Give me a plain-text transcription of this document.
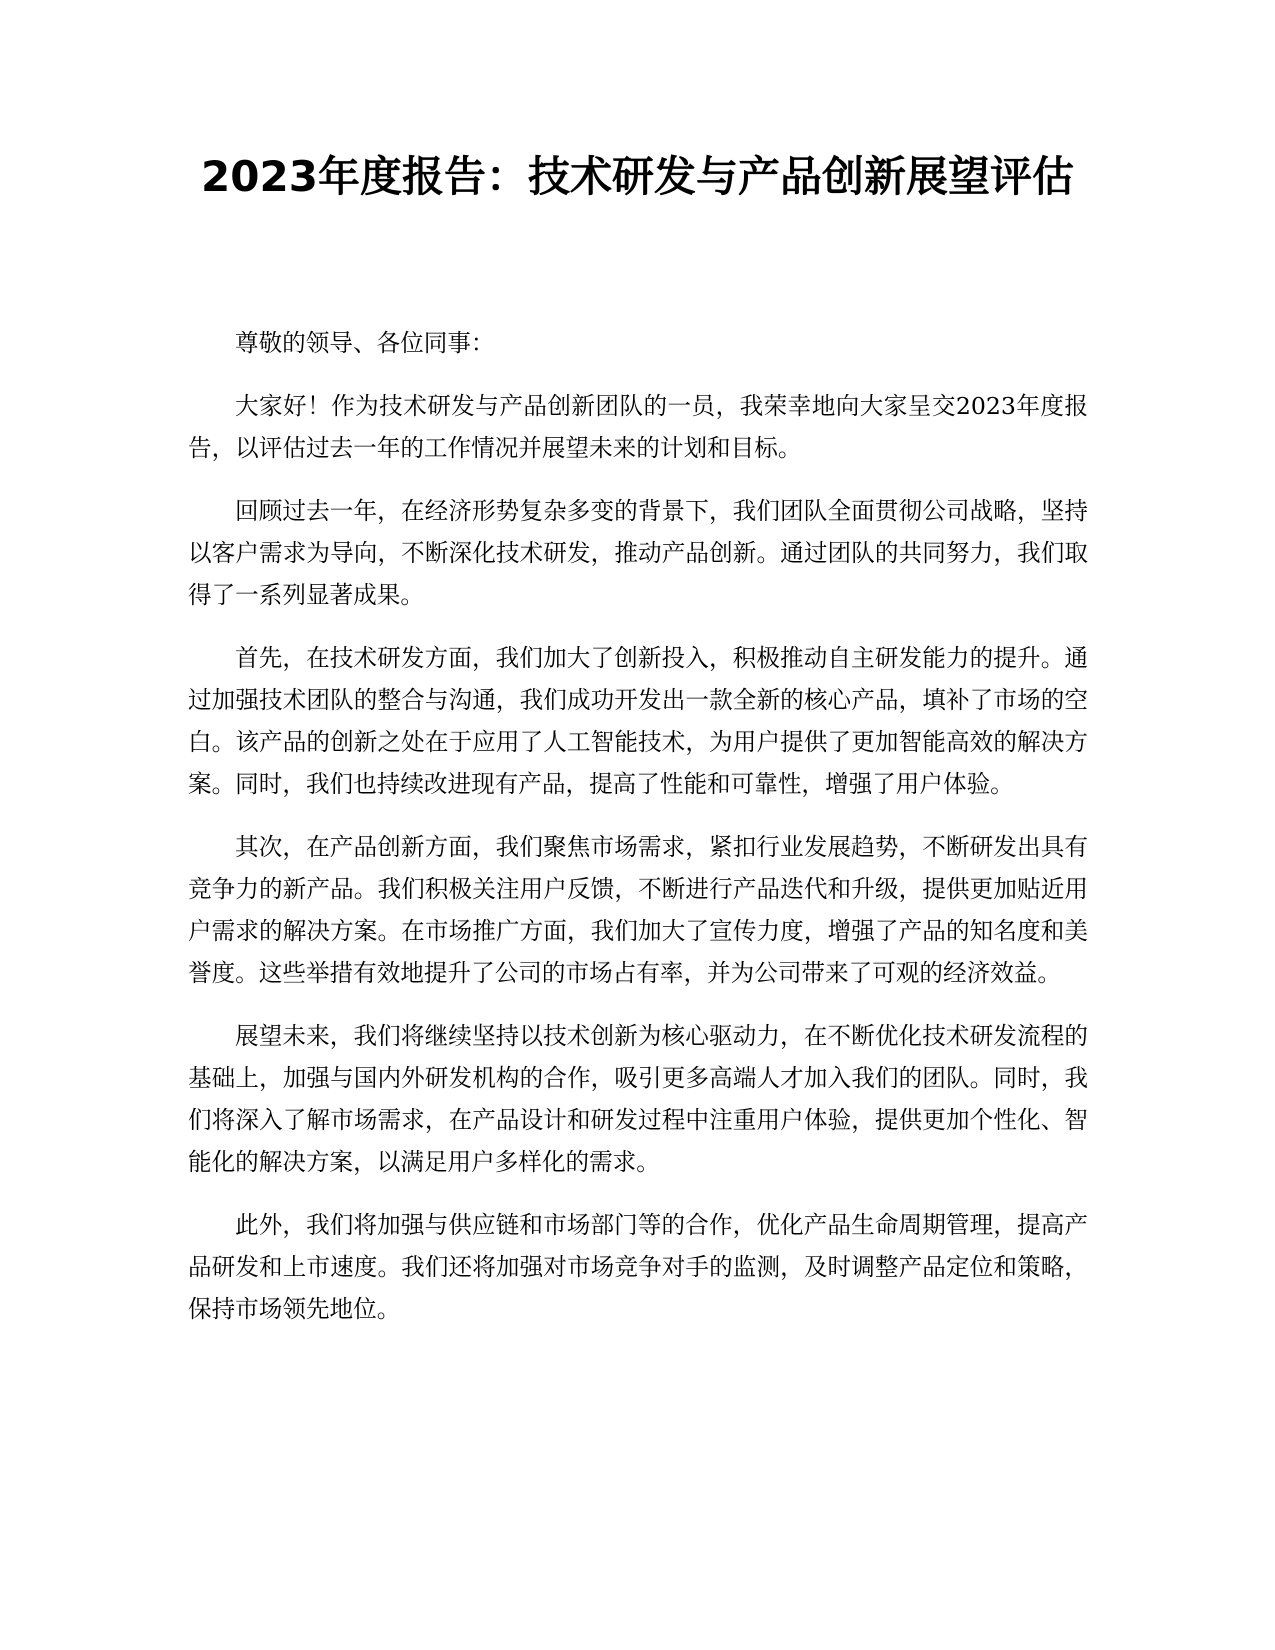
2023年度报告：技术研发与产品创新展望评估

尊敬的领导、各位同事：

大家好！作为技术研发与产品创新团队的一员，我荣幸地向大家呈交2023年度报告，以评估过去一年的工作情况并展望未来的计划和目标。

回顾过去一年，在经济形势复杂多变的背景下，我们团队全面贯彻公司战略，坚持以客户需求为导向，不断深化技术研发，推动产品创新。通过团队的共同努力，我们取得了一系列显著成果。

首先，在技术研发方面，我们加大了创新投入，积极推动自主研发能力的提升。通过加强技术团队的整合与沟通，我们成功开发出一款全新的核心产品，填补了市场的空白。该产品的创新之处在于应用了人工智能技术，为用户提供了更加智能高效的解决方案。同时，我们也持续改进现有产品，提高了性能和可靠性，增强了用户体验。

其次，在产品创新方面，我们聚焦市场需求，紧扣行业发展趋势，不断研发出具有竞争力的新产品。我们积极关注用户反馈，不断进行产品迭代和升级，提供更加贴近用户需求的解决方案。在市场推广方面，我们加大了宣传力度，增强了产品的知名度和美誉度。这些举措有效地提升了公司的市场占有率，并为公司带来了可观的经济效益。

展望未来，我们将继续坚持以技术创新为核心驱动力，在不断优化技术研发流程的基础上，加强与国内外研发机构的合作，吸引更多高端人才加入我们的团队。同时，我们将深入了解市场需求，在产品设计和研发过程中注重用户体验，提供更加个性化、智能化的解决方案，以满足用户多样化的需求。

此外，我们将加强与供应链和市场部门等的合作，优化产品生命周期管理，提高产品研发和上市速度。我们还将加强对市场竞争对手的监测，及时调整产品定位和策略，保持市场领先地位。
